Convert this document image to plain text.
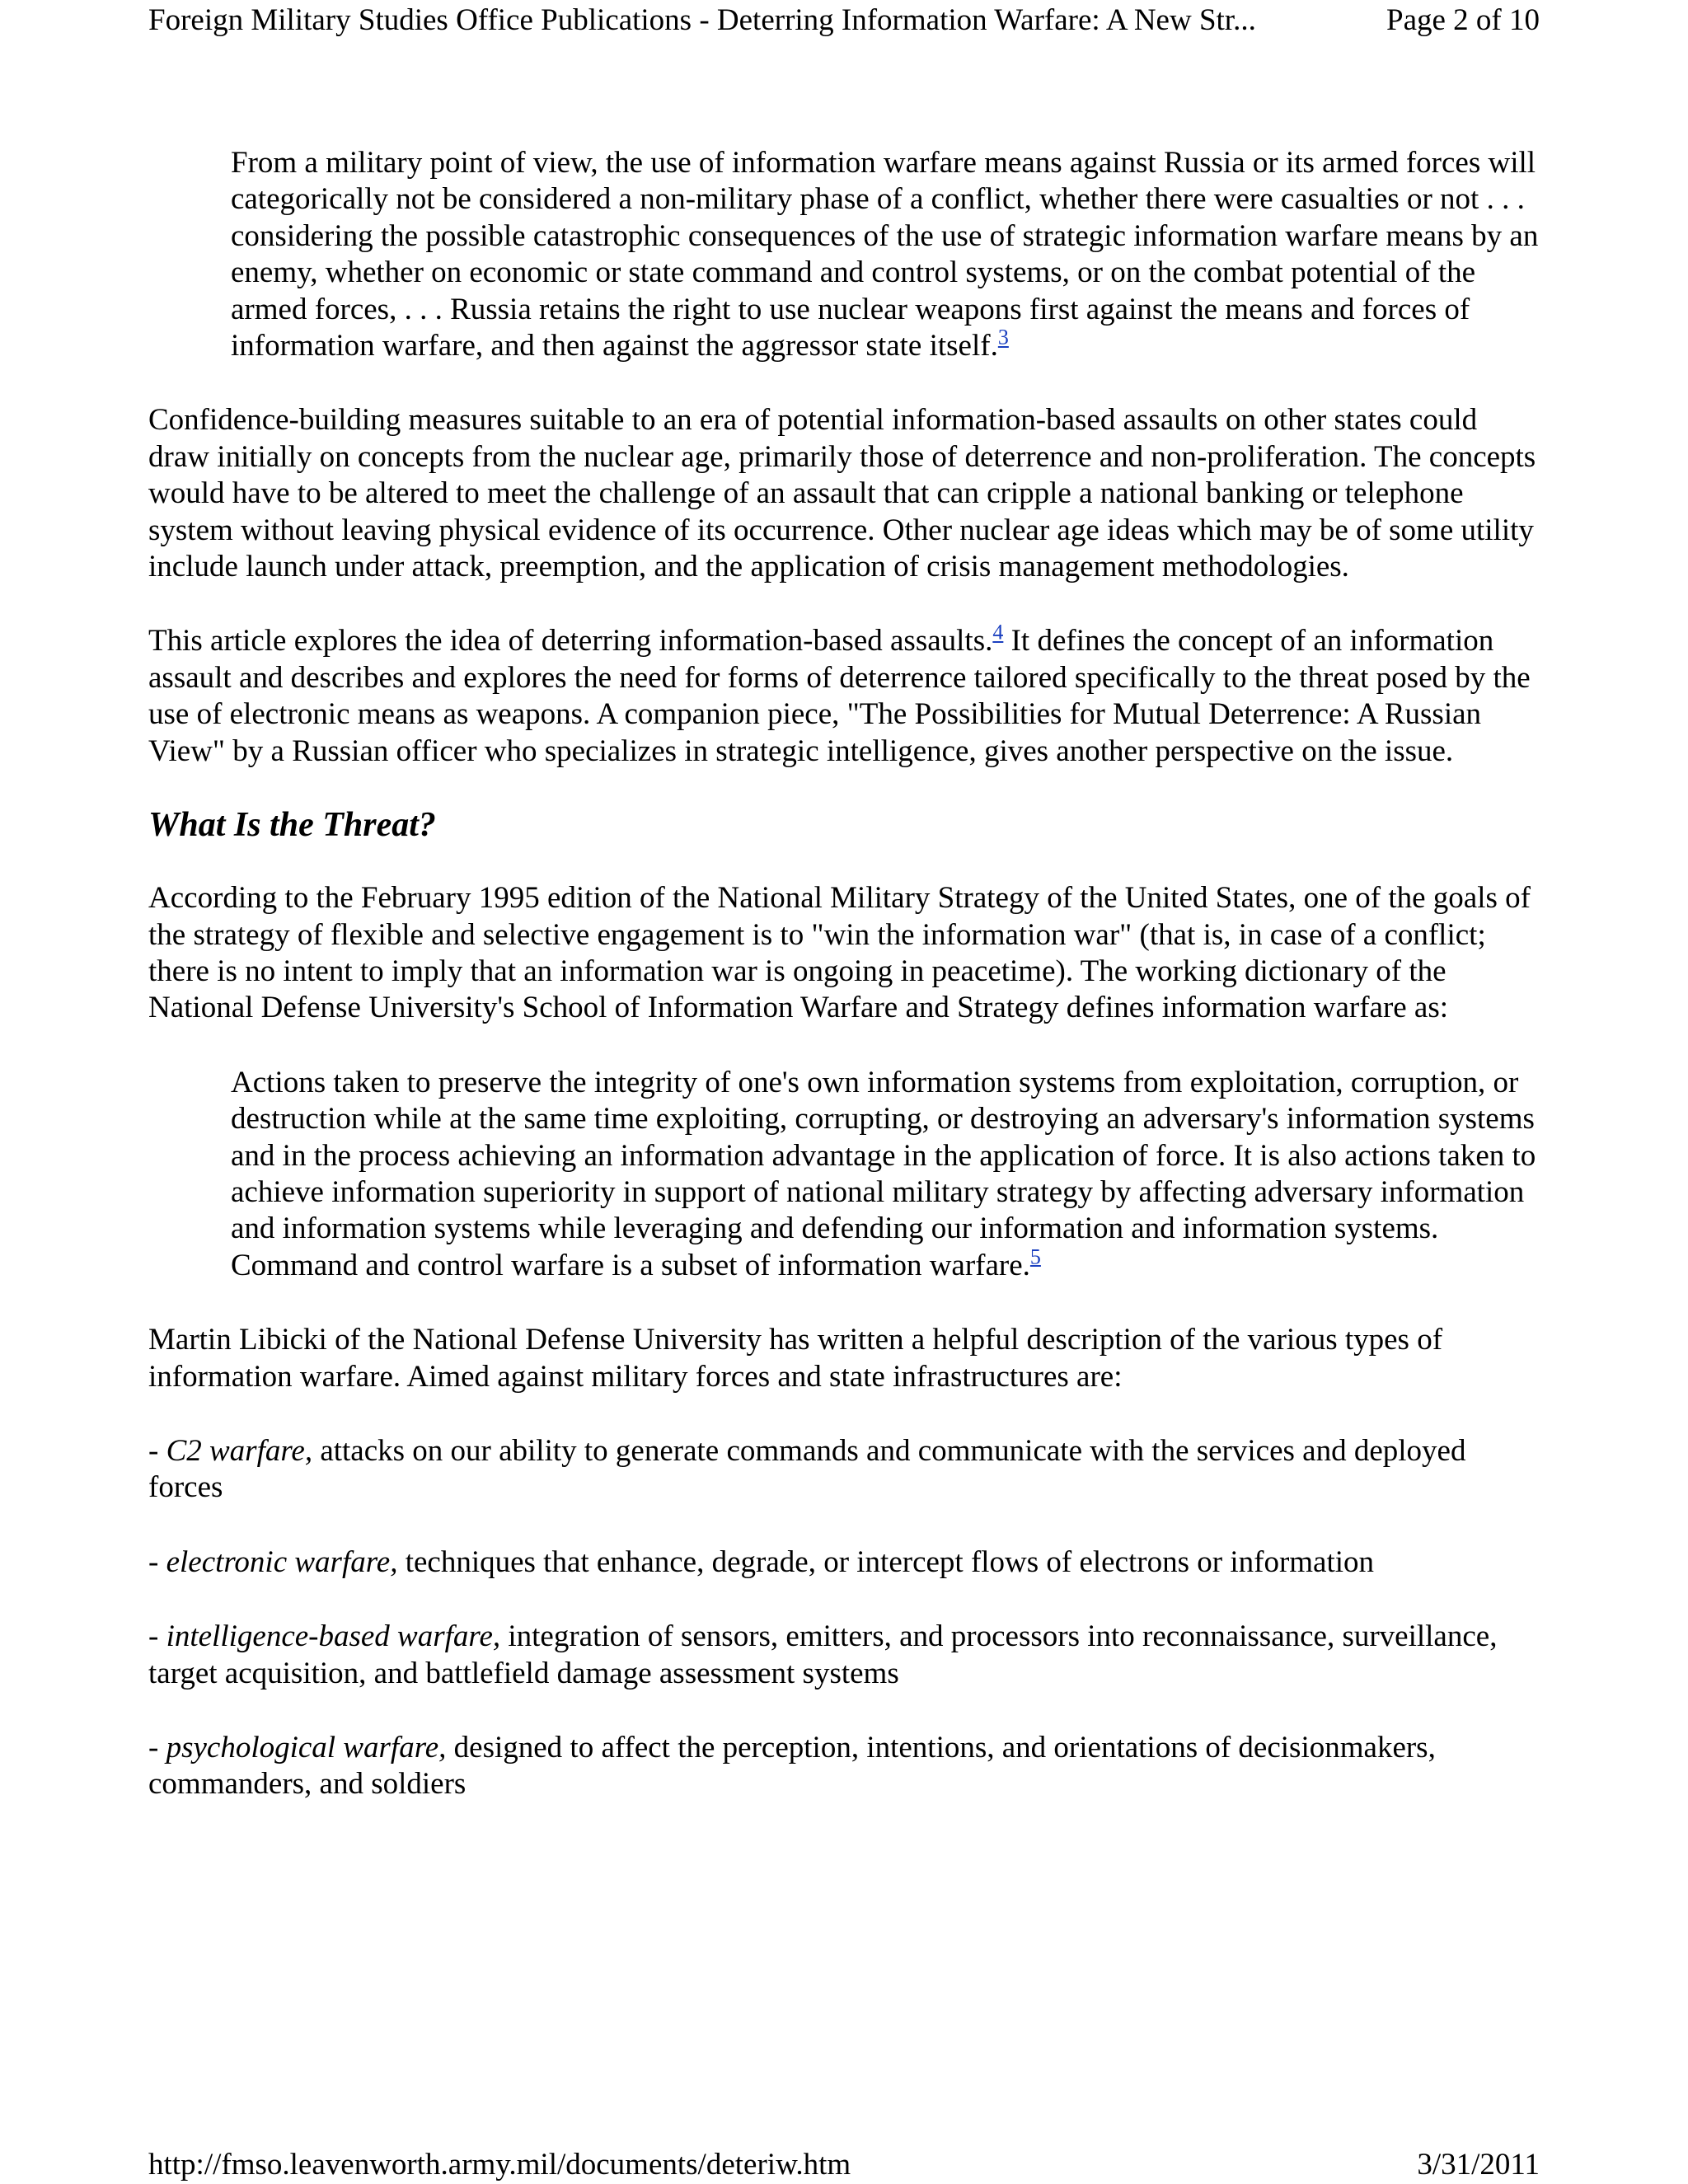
Foreign Military Studies Office Publications - Deterring Information Warfare: A New Str...	Page 2 of 10

From a military point of view, the use of information warfare means against Russia or its armed forces will categorically not be considered a non-military phase of a conflict, whether there were casualties or not . . . considering the possible catastrophic consequences of the use of strategic information warfare means by an enemy, whether on economic or state command and control systems, or on the combat potential of the armed forces, . . . Russia retains the right to use nuclear weapons first against the means and forces of information warfare, and then against the aggressor state itself.$^3$

Confidence-building measures suitable to an era of potential information-based assaults on other states could draw initially on concepts from the nuclear age, primarily those of deterrence and non-proliferation. The concepts would have to be altered to meet the challenge of an assault that can cripple a national banking or telephone system without leaving physical evidence of its occurrence. Other nuclear age ideas which may be of some utility include launch under attack, preemption, and the application of crisis management methodologies.

This article explores the idea of deterring information-based assaults.$^4$ It defines the concept of an information assault and describes and explores the need for forms of deterrence tailored specifically to the threat posed by the use of electronic means as weapons. A companion piece, "The Possibilities for Mutual Deterrence: A Russian View" by a Russian officer who specializes in strategic intelligence, gives another perspective on the issue.

What Is the Threat?

According to the February 1995 edition of the National Military Strategy of the United States, one of the goals of the strategy of flexible and selective engagement is to "win the information war" (that is, in case of a conflict; there is no intent to imply that an information war is ongoing in peacetime). The working dictionary of the National Defense University's School of Information Warfare and Strategy defines information warfare as:

Actions taken to preserve the integrity of one's own information systems from exploitation, corruption, or destruction while at the same time exploiting, corrupting, or destroying an adversary's information systems and in the process achieving an information advantage in the application of force. It is also actions taken to achieve information superiority in support of national military strategy by affecting adversary information and information systems while leveraging and defending our information and information systems. Command and control warfare is a subset of information warfare.$^5$

Martin Libicki of the National Defense University has written a helpful description of the various types of information warfare. Aimed against military forces and state infrastructures are:

- C2 warfare, attacks on our ability to generate commands and communicate with the services and deployed forces

- electronic warfare, techniques that enhance, degrade, or intercept flows of electrons or information

- intelligence-based warfare, integration of sensors, emitters, and processors into reconnaissance, surveillance, target acquisition, and battlefield damage assessment systems

- psychological warfare, designed to affect the perception, intentions, and orientations of decisionmakers, commanders, and soldiers

http://fmso.leavenworth.army.mil/documents/deteriw.htm	3/31/2011
